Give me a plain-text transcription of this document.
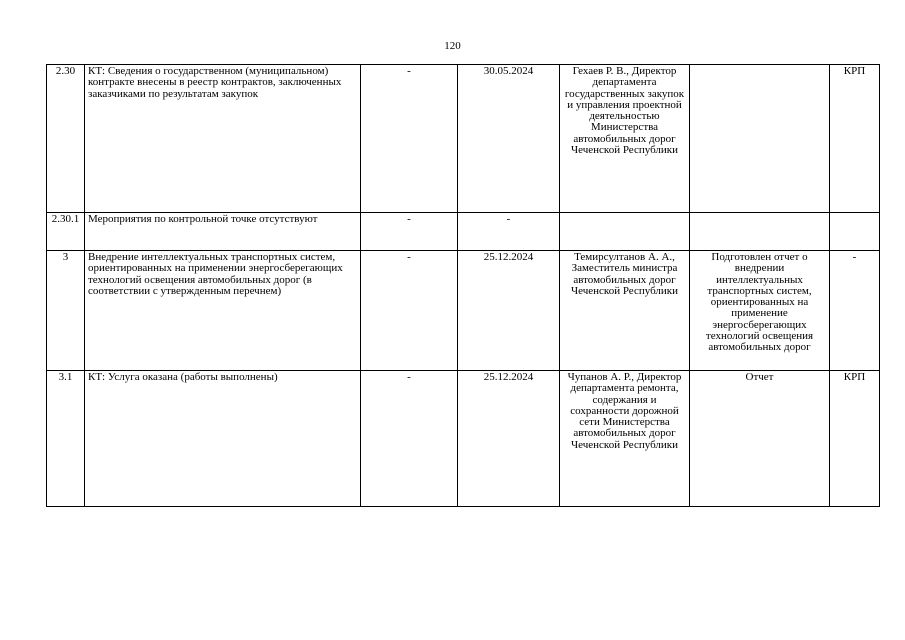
120
2.30	КТ: Сведения о государственном (муниципальном) контракте внесены в реестр контрактов, заключенных заказчиками по результатам закупок	-	30.05.2024	Гехаев Р. В., Директор департамента государственных закупок и управления проектной деятельностью Министерства автомобильных дорог Чеченской Республики		КРП
2.30.1	Мероприятия по контрольной точке отсутствуют	-	-			
3	Внедрение интеллектуальных транспортных систем, ориентированных на применении энергосберегающих технологий освещения автомобильных дорог (в соответствии с утвержденным перечнем)	-	25.12.2024	Темирсултанов А. А., Заместитель министра автомобильных дорог Чеченской Республики	Подготовлен отчет о внедрении интеллектуальных транспортных систем, ориентированных на применение энергосберегающих технологий освещения автомобильных дорог	-
3.1	КТ: Услуга оказана (работы выполнены)	-	25.12.2024	Чупанов А. Р., Директор департамента ремонта, содержания и сохранности дорожной сети Министерства автомобильных дорог Чеченской Республики	Отчет	КРП
